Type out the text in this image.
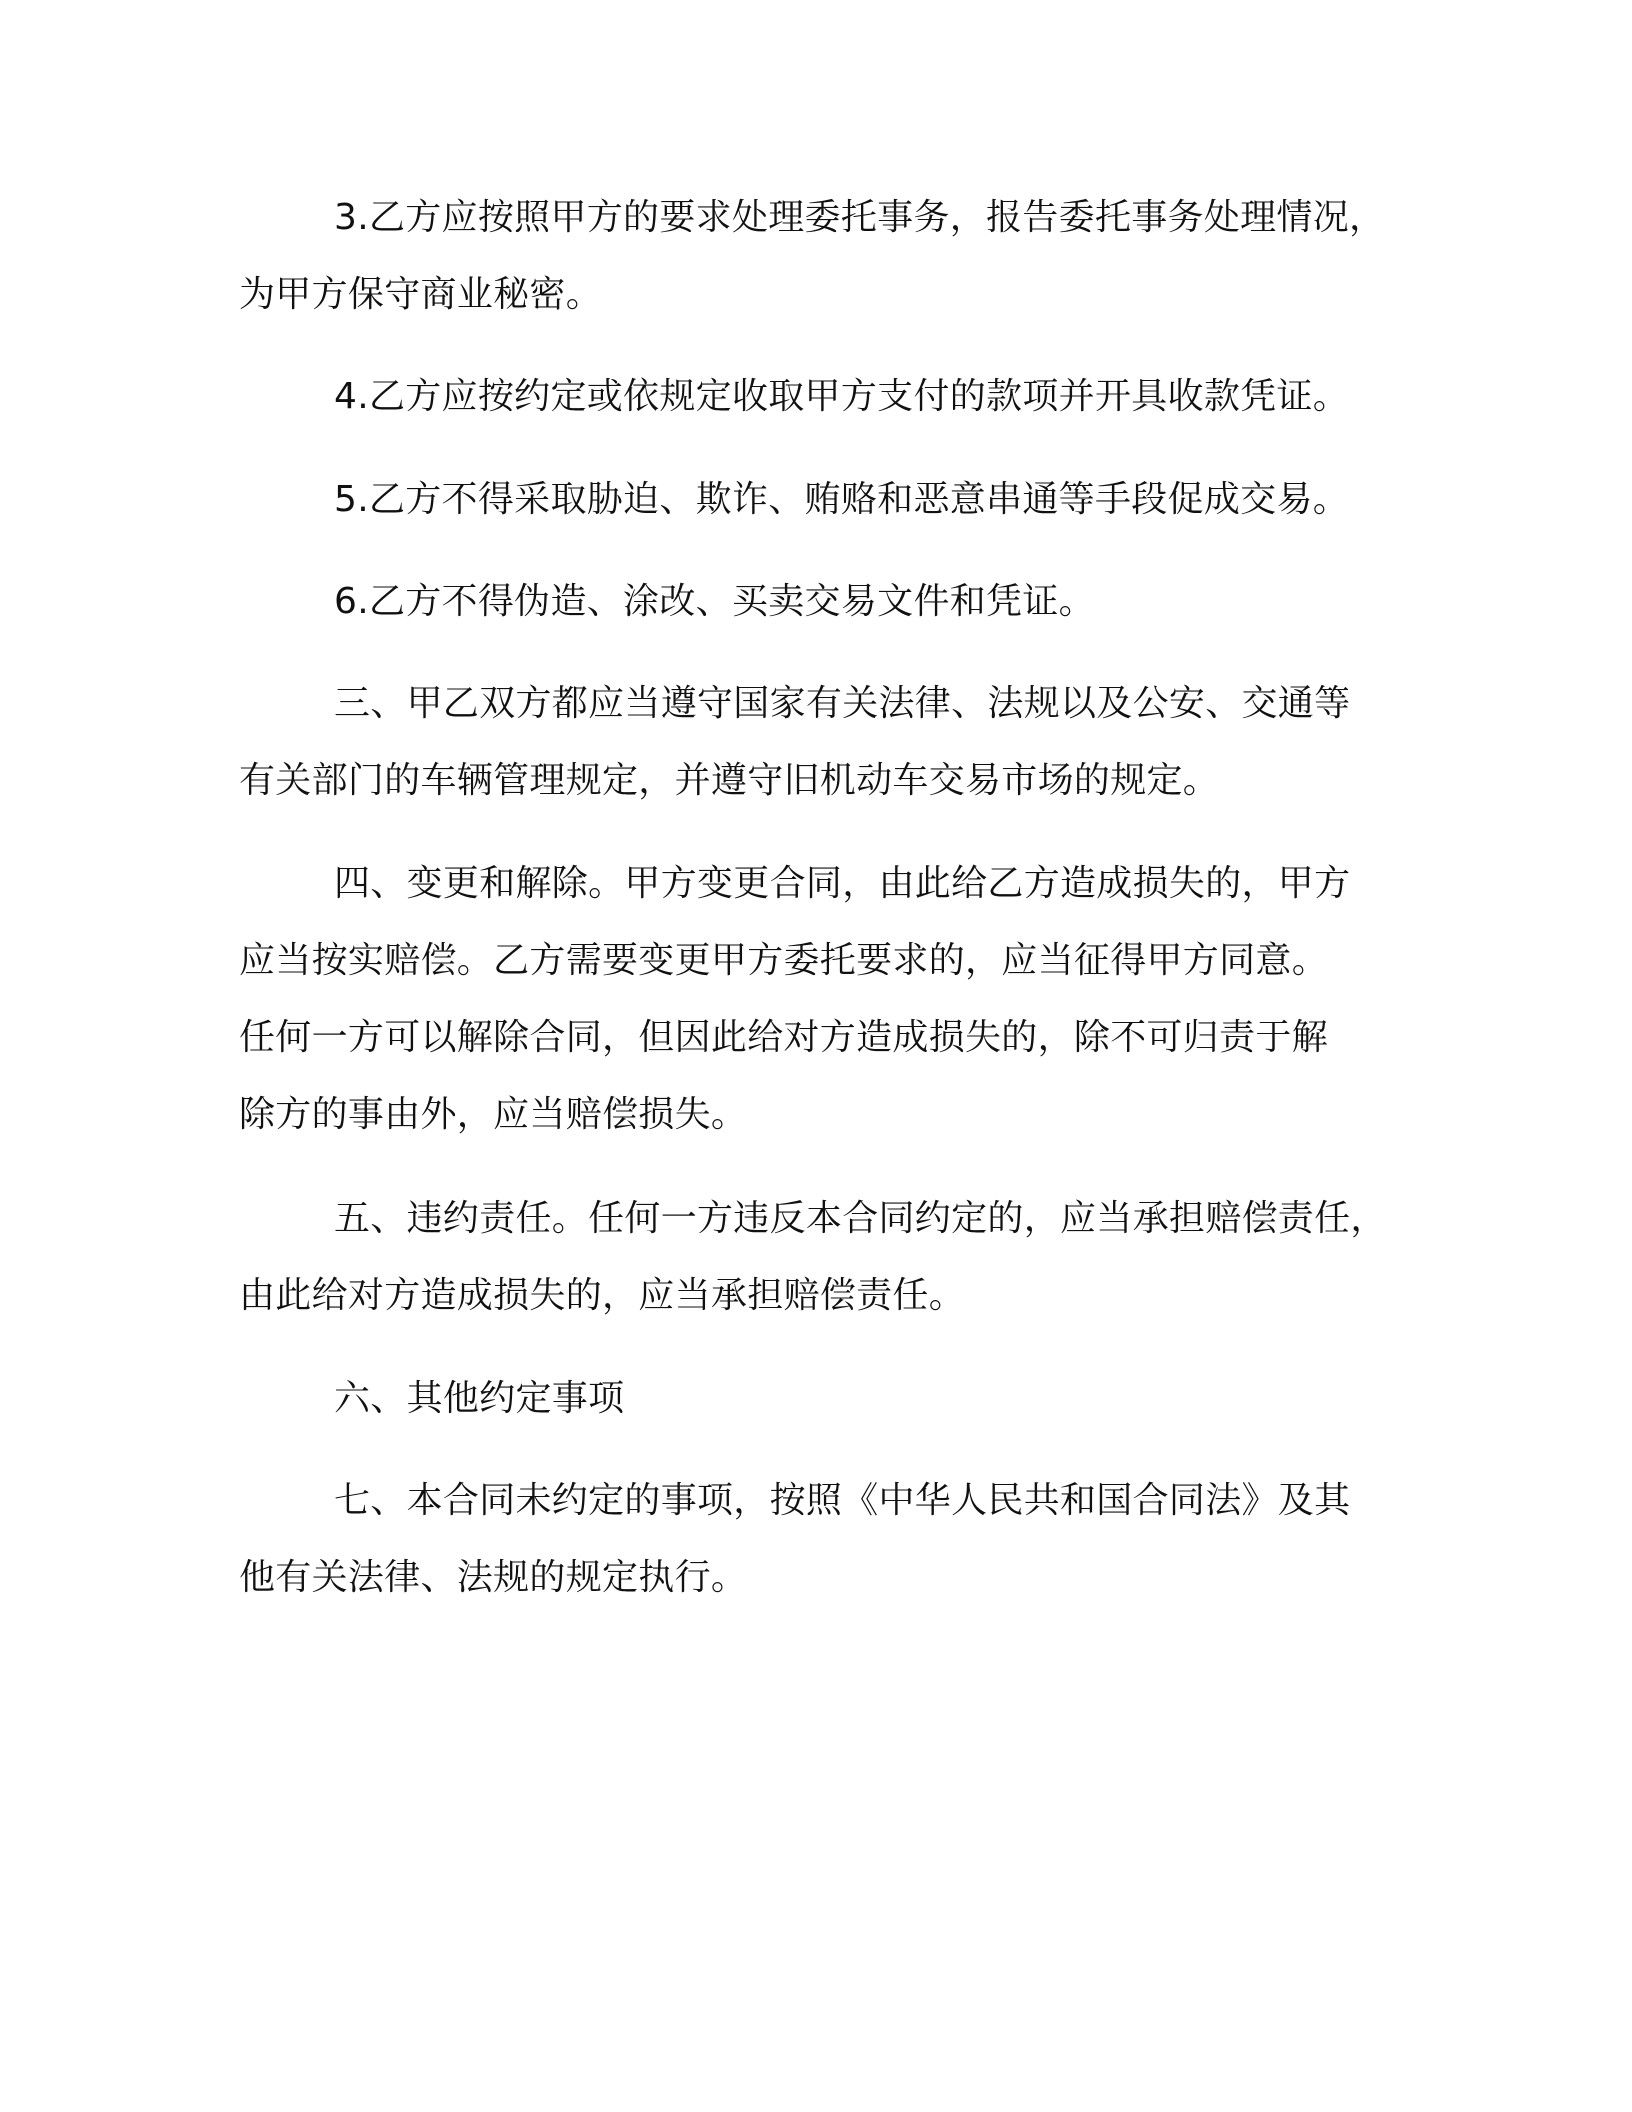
3.乙方应按照甲方的要求处理委托事务，报告委托事务处理情况，

为甲方保守商业秘密。

4.乙方应按约定或依规定收取甲方支付的款项并开具收款凭证。

5.乙方不得采取胁迫、欺诈、贿赂和恶意串通等手段促成交易。

6.乙方不得伪造、涂改、买卖交易文件和凭证。

三、甲乙双方都应当遵守国家有关法律、法规以及公安、交通等

有关部门的车辆管理规定，并遵守旧机动车交易市场的规定。

四、变更和解除。甲方变更合同，由此给乙方造成损失的，甲方

应当按实赔偿。乙方需要变更甲方委托要求的，应当征得甲方同意。

任何一方可以解除合同，但因此给对方造成损失的，除不可归责于解

除方的事由外，应当赔偿损失。

五、违约责任。任何一方违反本合同约定的，应当承担赔偿责任，

由此给对方造成损失的，应当承担赔偿责任。

六、其他约定事项

七、本合同未约定的事项，按照《中华人民共和国合同法》及其

他有关法律、法规的规定执行。
